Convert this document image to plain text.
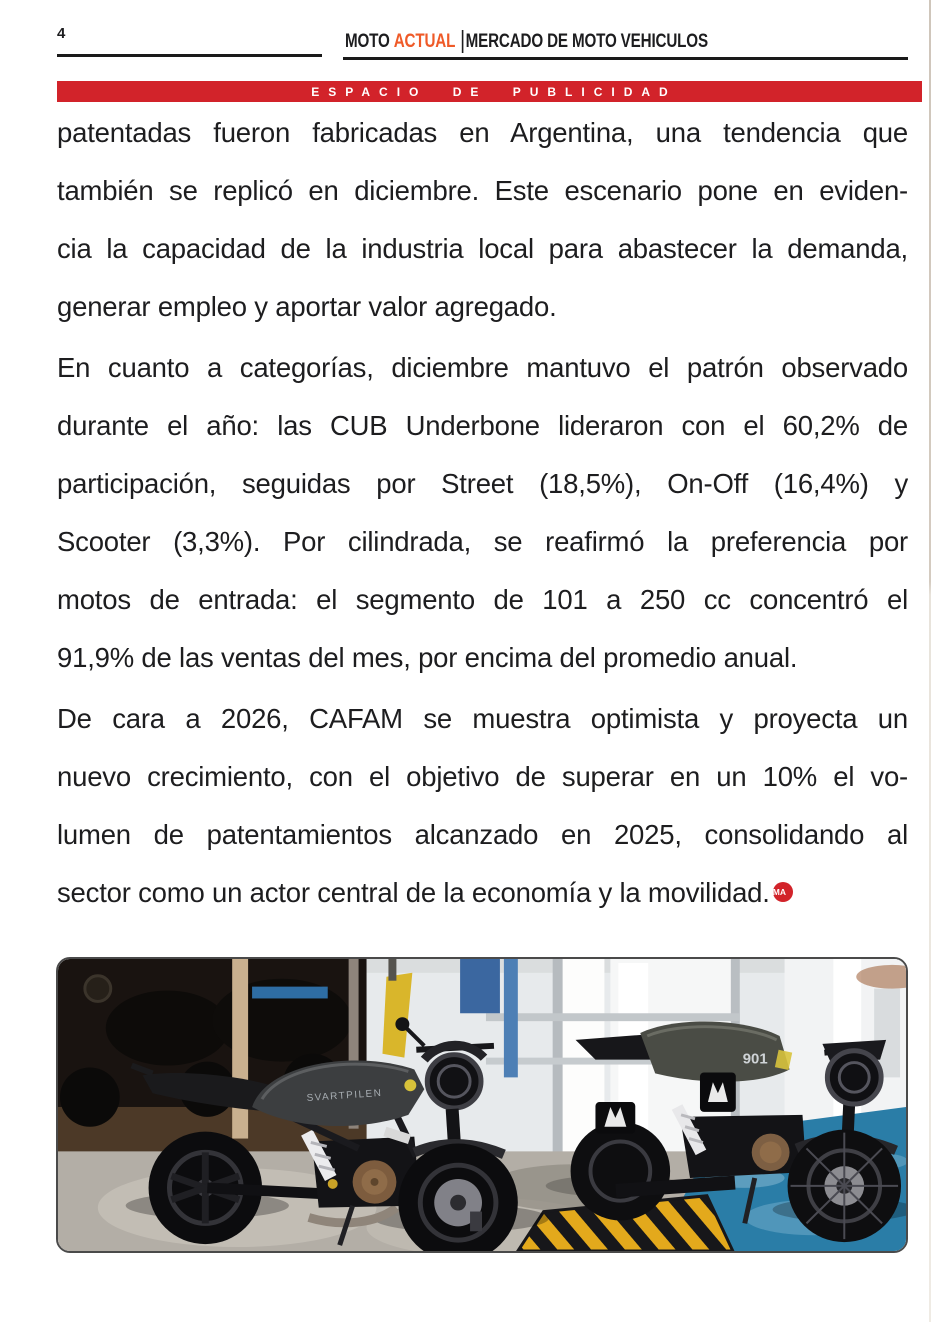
4	MOTO ACTUAL MERCADO DE MOTO VEHICULOS
ESPACIO DE PUBLICIDAD
patentadas fueron fabricadas en Argentina, una tendencia que
también se replicó en diciembre. Este escenario pone en eviden-
cia la capacidad de la industria local para abastecer la demanda,
generar empleo y aportar valor agregado.
En cuanto a categorías, diciembre mantuvo el patrón observado
durante el año: las CUB Underbone lideraron con el 60,2% de
participación, seguidas por Street (18,5%), On-Off (16,4%) y
Scooter (3,3%). Por cilindrada, se reafirmó la preferencia por
motos de entrada: el segmento de 101 a 250 cc concentró el
91,9% de las ventas del mes, por encima del promedio anual.
De cara a 2026, CAFAM se muestra optimista y proyecta un
nuevo crecimiento, con el objetivo de superar en un 10% el vo-
lumen de patentamientos alcanzado en 2025, consolidando al
sector como un actor central de la economía y la movilidad. MA
901
SVARTPILEN
